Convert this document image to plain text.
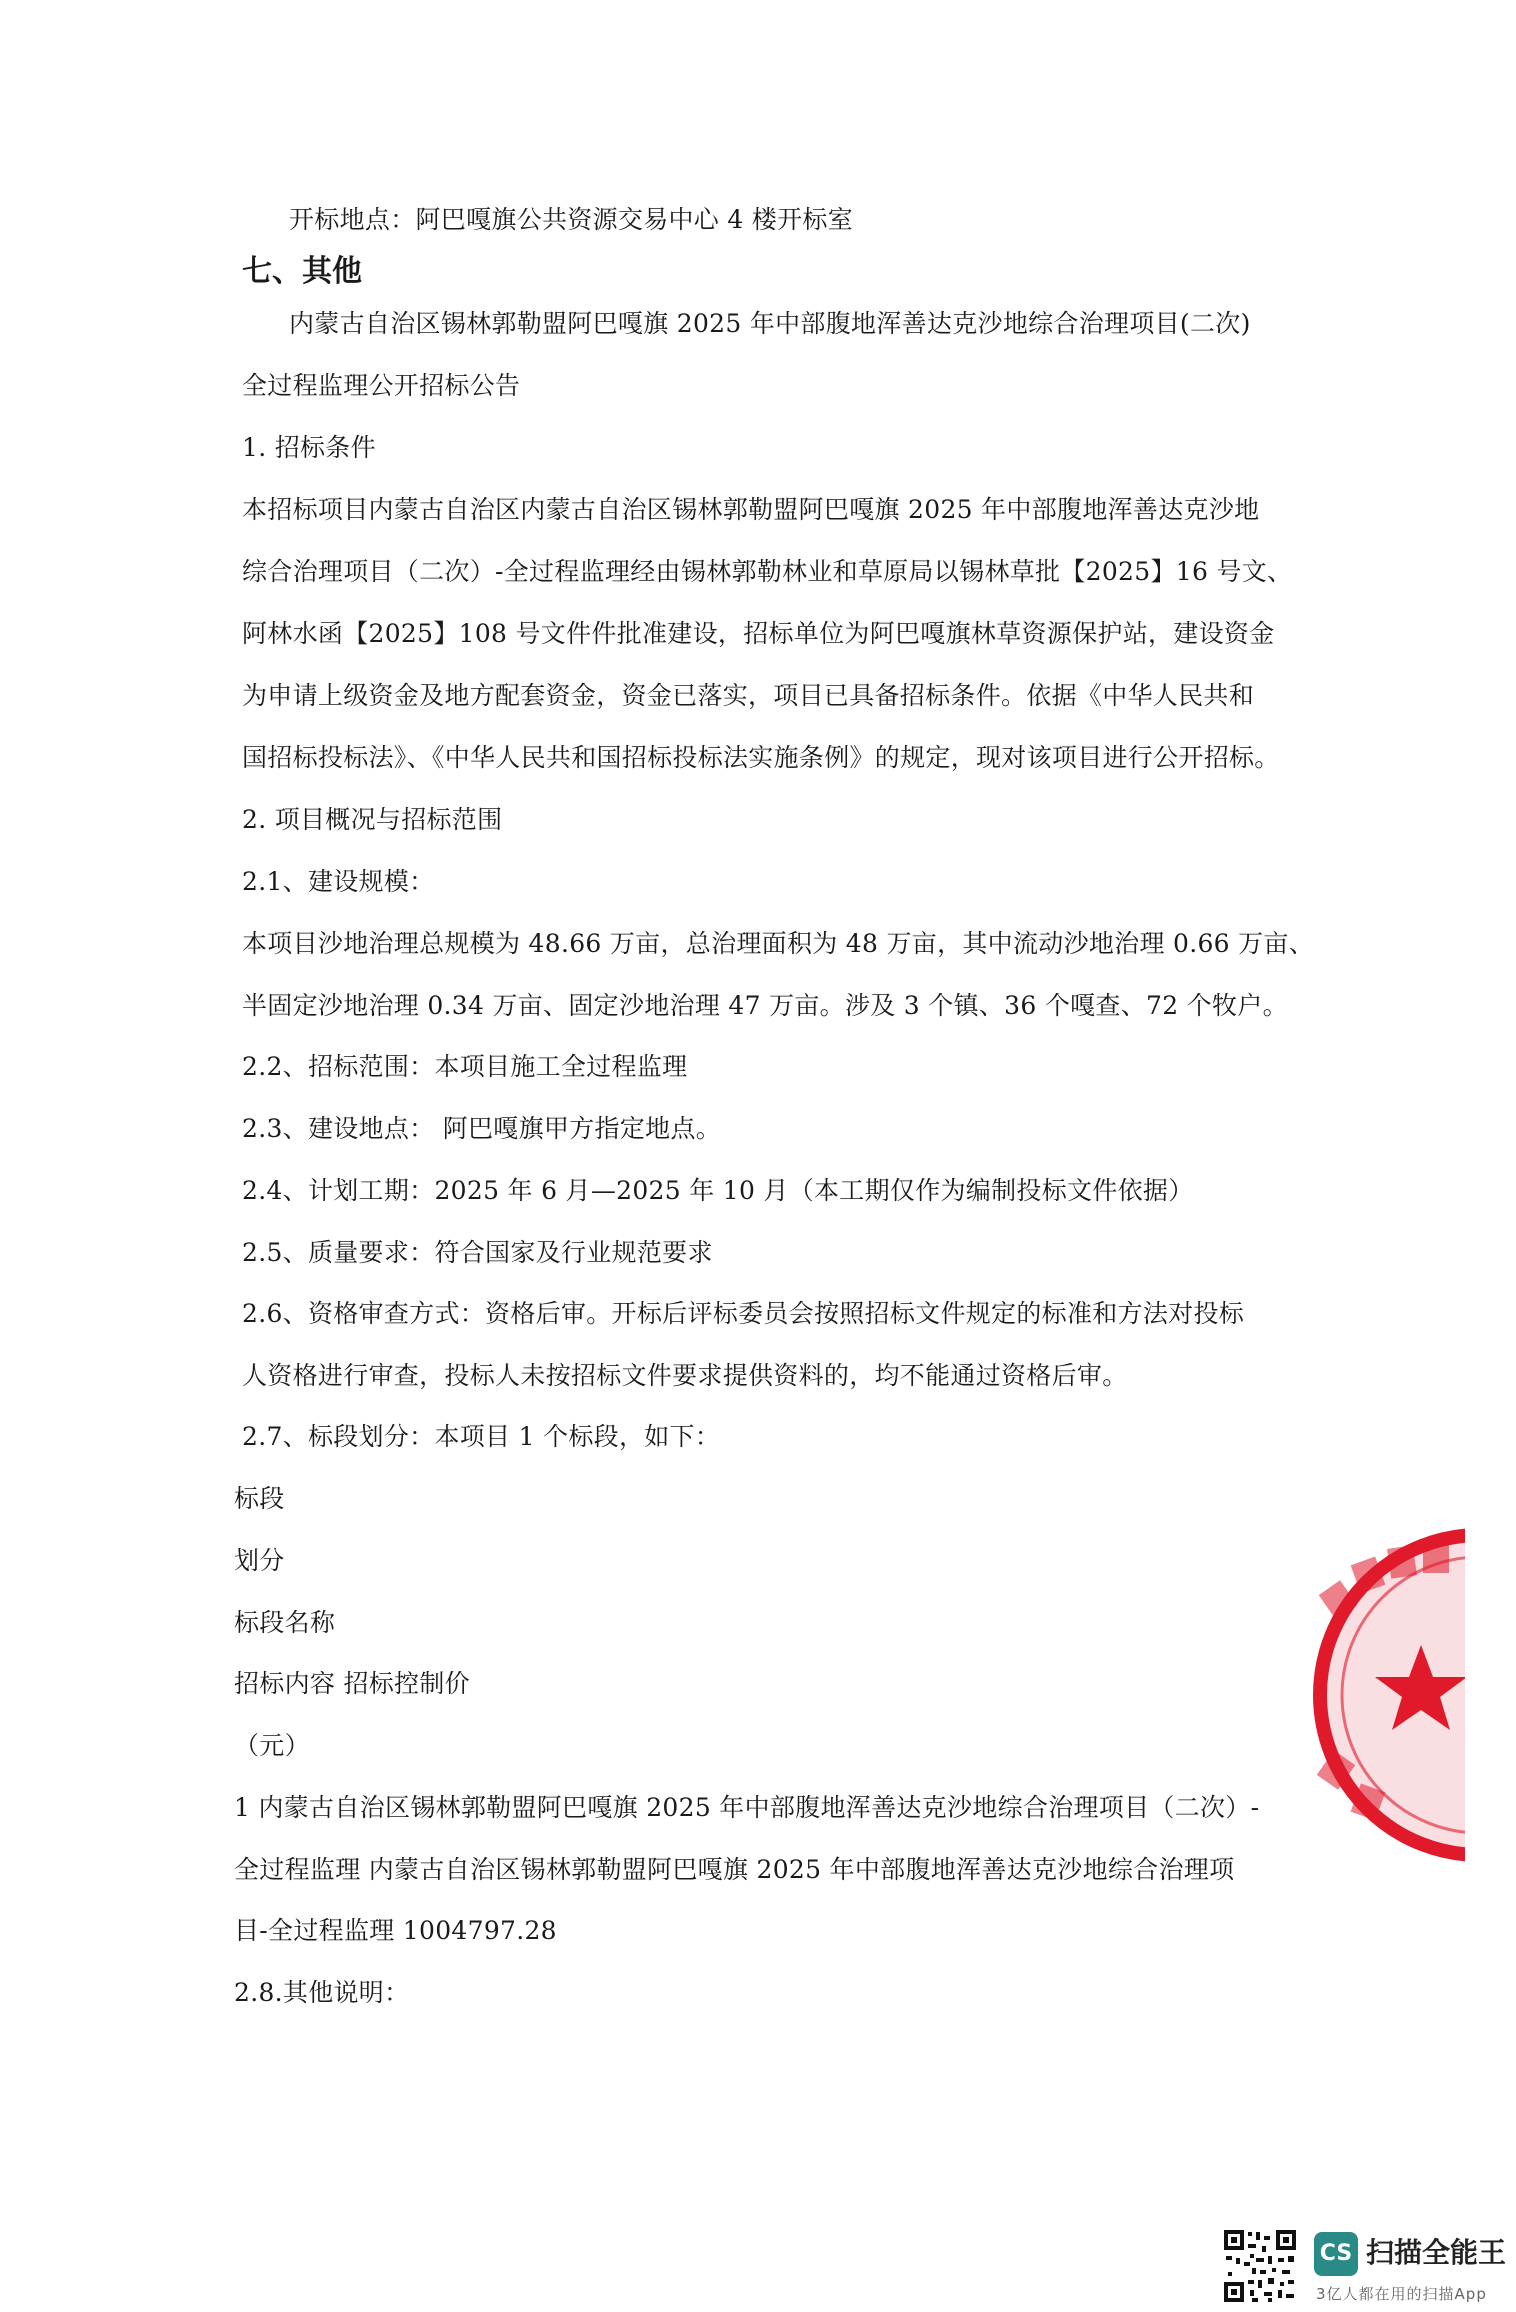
开标地点：阿巴嘎旗公共资源交易中心 4 楼开标室
七、其他
内蒙古自治区锡林郭勒盟阿巴嘎旗 2025 年中部腹地浑善达克沙地综合治理项目(二次)
全过程监理公开招标公告
1. 招标条件
本招标项目内蒙古自治区内蒙古自治区锡林郭勒盟阿巴嘎旗 2025 年中部腹地浑善达克沙地
综合治理项目（二次）-全过程监理经由锡林郭勒林业和草原局以锡林草批【2025】16 号文、
阿林水函【2025】108 号文件件批准建设，招标单位为阿巴嘎旗林草资源保护站，建设资金
为申请上级资金及地方配套资金，资金已落实，项目已具备招标条件。依据《中华人民共和
国招标投标法》、《中华人民共和国招标投标法实施条例》的规定，现对该项目进行公开招标。
2. 项目概况与招标范围
2.1、建设规模：
本项目沙地治理总规模为 48.66 万亩，总治理面积为 48 万亩，其中流动沙地治理 0.66 万亩、
半固定沙地治理 0.34 万亩、固定沙地治理 47 万亩。涉及 3 个镇、36 个嘎查、72 个牧户。
2.2、招标范围：本项目施工全过程监理
2.3、建设地点： 阿巴嘎旗甲方指定地点。
2.4、计划工期：2025 年 6 月—2025 年 10 月（本工期仅作为编制投标文件依据）
2.5、质量要求：符合国家及行业规范要求
2.6、资格审查方式：资格后审。开标后评标委员会按照招标文件规定的标准和方法对投标
人资格进行审查，投标人未按招标文件要求提供资料的，均不能通过资格后审。
2.7、标段划分：本项目 1 个标段，如下：
标段
划分
标段名称
招标内容 招标控制价
（元）
1 内蒙古自治区锡林郭勒盟阿巴嘎旗 2025 年中部腹地浑善达克沙地综合治理项目（二次）-
全过程监理 内蒙古自治区锡林郭勒盟阿巴嘎旗 2025 年中部腹地浑善达克沙地综合治理项
目-全过程监理 1004797.28
2.8.其他说明：
CS 扫描全能王
3亿人都在用的扫描App
